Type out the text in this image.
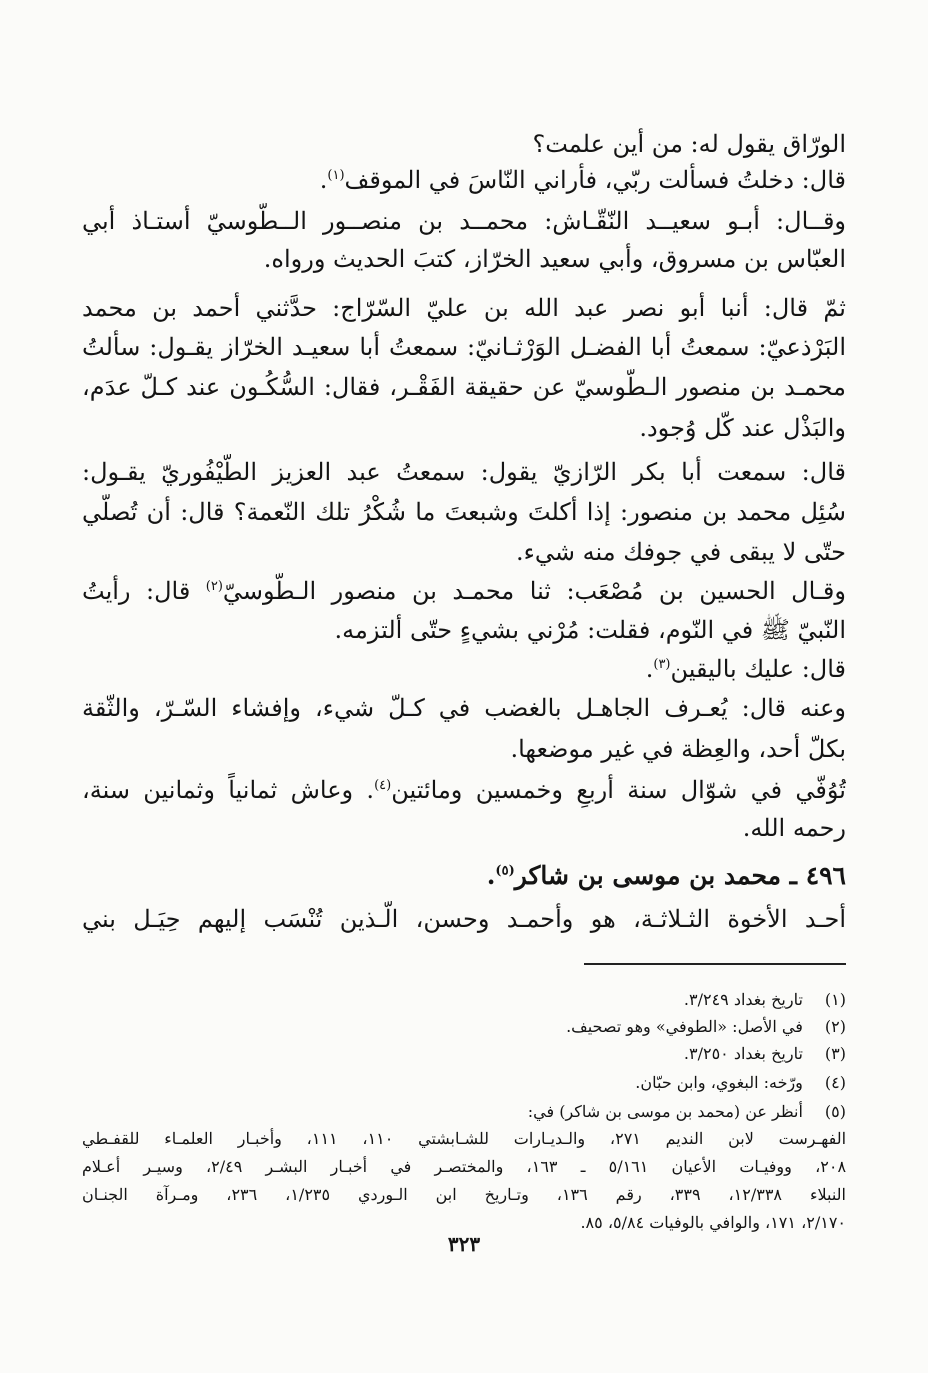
الورّاق يقول له: من أين علمت؟
قال: دخلتُ فسألت ربّي، فأراني النّاسَ في الموقف$^{(١)}$.
وقــال: أبـو سعيــد النّقّـاش: محمــد بن منصــور الــطُّوسيّ أستـاذ أبي
العبّاس بن مسروق، وأبي سعيد الخرّاز، كتبَ الحديث ورواه.
ثمّ قال: أنبا أبو نصر عبد الله بن عليّ السّرّاج: حدَّثني أحمد بن محمد
البَرْذعيّ: سمعتُ أبا الفضـل الوَرْثـانيّ: سمعتُ أبا سعيـد الخرّاز يقـول: سألتُ
محمـد بن منصور الـطُّوسيّ عن حقيقة الفَقْـر، فقال: السُّكُـون عند كـلّ عدَم،
والبَذْل عند كّل وُجود.
قال: سمعت أبا بكر الرّازيّ يقول: سمعتُ عبد العزيز الطَّيْفُوريّ يقـول:
سُئِل محمد بن منصور: إذا أكلتَ وشبعتَ ما شُكْرُ تلك النّعمة؟ قال: أن تُصلّي
حتّى لا يبقى في جوفك منه شيء.
وقـال الحسين بن مُصْعَب: ثنا محمـد بن منصور الـطُّوسيّ$^{(٢)}$ قال: رأيتُ
النّبيّ ﷺ في النّوم، فقلت: مُرْني بشيءٍ حتّى ألتزمه.
قال: عليك باليقين$^{(٣)}$.
وعنه قال: يُعـرف الجاهـل بالغضب في كـلّ شيء، وإفشاء السّـرّ، والثّقة
بكلّ أحد، والعِظة في غير موضعها.
تُوُفّي في شوّال سنة أربعٍ وخمسين ومائتين$^{(٤)}$. وعاش ثمانياً وثمانين سنة،
رحمه الله.
٤٩٦ ـ محمد بن موسى بن شاكر$^{(٥)}$.
أحـد الأخوة الثـلاثـة، هو وأحمـد وحسن، الّـذين تُنْسَب إليهم حِيَـل بني
(١) تاريخ بغداد ٣/٢٤٩.
(٢) في الأصل: «الطوفي» وهو تصحيف.
(٣) تاريخ بغداد ٣/٢٥٠.
(٤) ورّخه: البغوي، وابن حبّان.
(٥) أنظر عن (محمد بن موسى بن شاكر) في:
الفهـرست لابن النديم ٢٧١، والـديـارات للشـابشتي ١١٠، ١١١، وأخبـار العلمـاء للقفـطي
٢٠٨، ووفيـات الأعيان ٥/١٦١ ـ ١٦٣، والمختصـر في أخبـار البشـر ٢/٤٩، وسيـر أعـلام
النبلاء ١٢/٣٣٨، ٣٣٩، رقم ١٣٦، وتـاريخ ابن الـوردي ١/٢٣٥، ٢٣٦، ومـرآة الجنـان
٢/١٧٠، ١٧١، والوافي بالوفيات ٥/٨٤، ٨٥.
٣٢٣
